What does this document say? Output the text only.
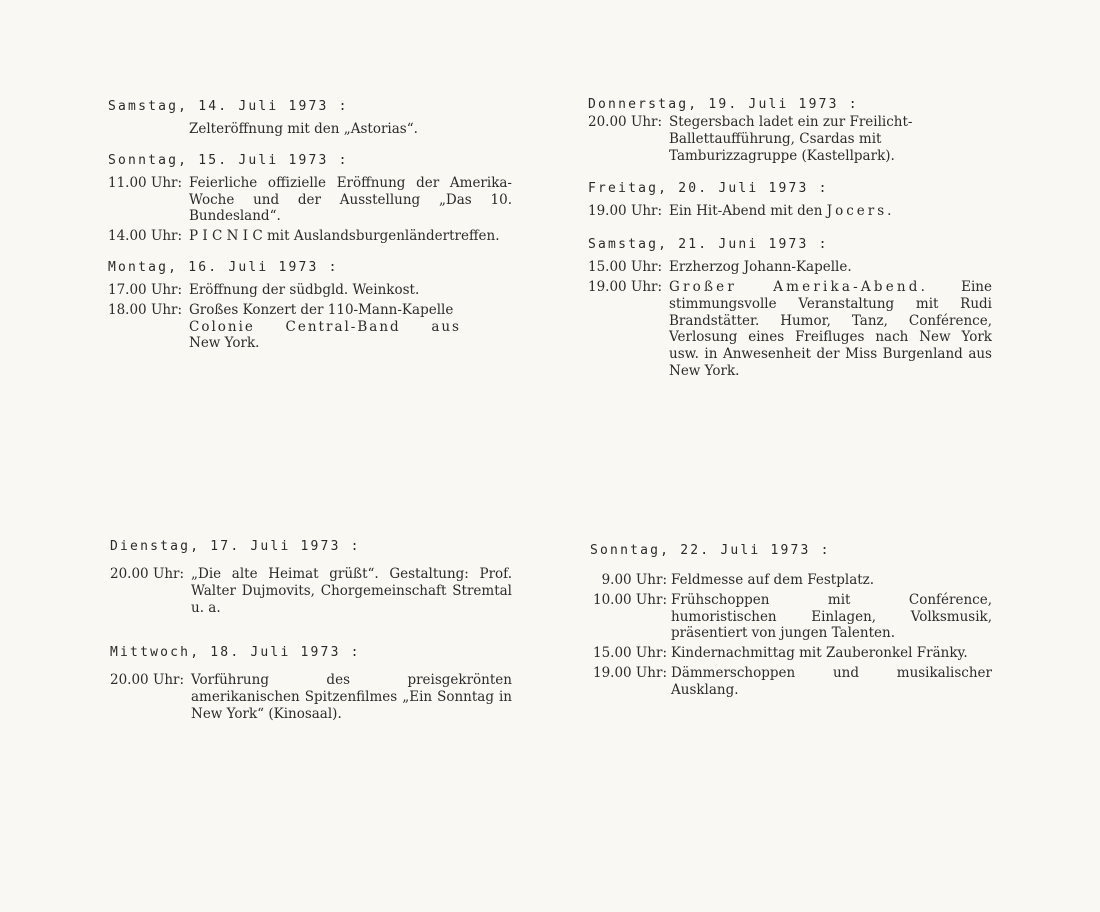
Samstag, 14. Juli 1973 :
Zelteröffnung mit den „Astorias“.
Sonntag, 15. Juli 1973 :
11.00 Uhr: Feierliche offizielle Eröffnung der Amerika-Woche und der Ausstellung „Das 10. Bundesland“.
14.00 Uhr: P I C N I C mit Auslandsburgenländertreffen.
Montag, 16. Juli 1973 :
17.00 Uhr: Eröffnung der südbgld. Weinkost.
18.00 Uhr: Großes Konzert der 110-Mann-Kapelle
Colonie Central-Band aus
New York.
Donnerstag, 19. Juli 1973 :
20.00 Uhr: Stegersbach ladet ein zur Freilicht-Ballettaufführung, Csardas mit Tamburizzagruppe (Kastellpark).
Freitag, 20. Juli 1973 :
19.00 Uhr: Ein Hit-Abend mit den Jocers.
Samstag, 21. Juni 1973 :
15.00 Uhr: Erzherzog Johann-Kapelle.
19.00 Uhr: Großer Amerika-Abend. Eine stimmungsvolle Veranstaltung mit Rudi Brandstätter. Humor, Tanz, Conférence, Verlosung eines Freifluges nach New York usw. in Anwesenheit der Miss Burgenland aus New York.
Dienstag, 17. Juli 1973 :
20.00 Uhr: „Die alte Heimat grüßt“. Gestaltung: Prof. Walter Dujmovits, Chorgemeinschaft Stremtal u. a.
Mittwoch, 18. Juli 1973 :
20.00 Uhr: Vorführung des preisgekrönten amerikanischen Spitzenfilmes „Ein Sonntag in New York“ (Kinosaal).
Sonntag, 22. Juli 1973 :
9.00 Uhr: Feldmesse auf dem Festplatz.
10.00 Uhr: Frühschoppen mit Conférence, humoristischen Einlagen, Volksmusik, präsentiert von jungen Talenten.
15.00 Uhr: Kindernachmittag mit Zauberonkel Fränky.
19.00 Uhr: Dämmerschoppen und musikalischer Ausklang.
